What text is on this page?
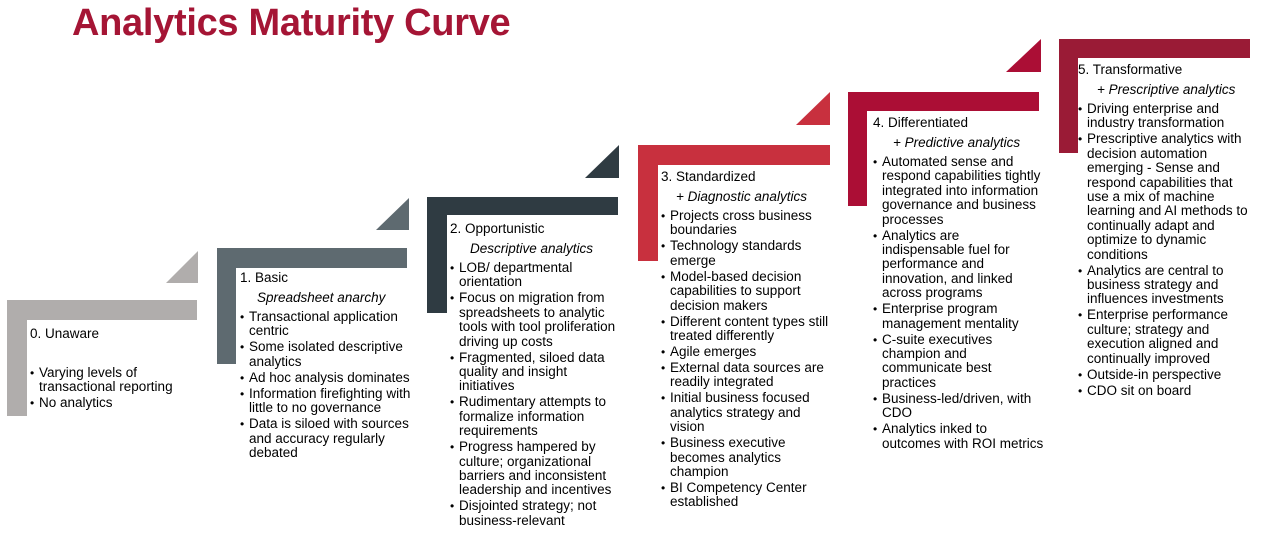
Analytics Maturity Curve
0. Unaware
• Varying levels of transactional reporting
• No analytics
1. Basic
Spreadsheet anarchy
• Transactional application centric
• Some isolated descriptive analytics
• Ad hoc analysis dominates
• Information firefighting with little to no governance
• Data is siloed with sources and accuracy regularly debated
2. Opportunistic
Descriptive analytics
• LOB/ departmental orientation
• Focus on migration from spreadsheets to analytic tools with tool proliferation driving up costs
• Fragmented, siloed data quality and insight initiatives
• Rudimentary attempts to formalize information requirements
• Progress hampered by culture; organizational barriers and inconsistent leadership and incentives
• Disjointed strategy; not business-relevant
3. Standardized
+ Diagnostic analytics
• Projects cross business boundaries
• Technology standards emerge
• Model-based decision capabilities to support decision makers
• Different content types still treated differently
• Agile emerges
• External data sources are readily integrated
• Initial business focused analytics strategy and vision
• Business executive becomes analytics champion
• BI Competency Center established
4. Differentiated
+ Predictive analytics
• Automated sense and respond capabilities tightly integrated into information governance and business processes
• Analytics are indispensable fuel for performance and innovation, and linked across programs
• Enterprise program management mentality
• C-suite executives champion and communicate best practices
• Business-led/driven, with CDO
• Analytics inked to outcomes with ROI metrics
5. Transformative
+ Prescriptive analytics
• Driving enterprise and industry transformation
• Prescriptive analytics with decision automation emerging - Sense and respond capabilities that use a mix of machine learning and AI methods to continually adapt and optimize to dynamic conditions
• Analytics are central to business strategy and influences investments
• Enterprise performance culture; strategy and execution aligned and continually improved
• Outside-in perspective
• CDO sit on board
